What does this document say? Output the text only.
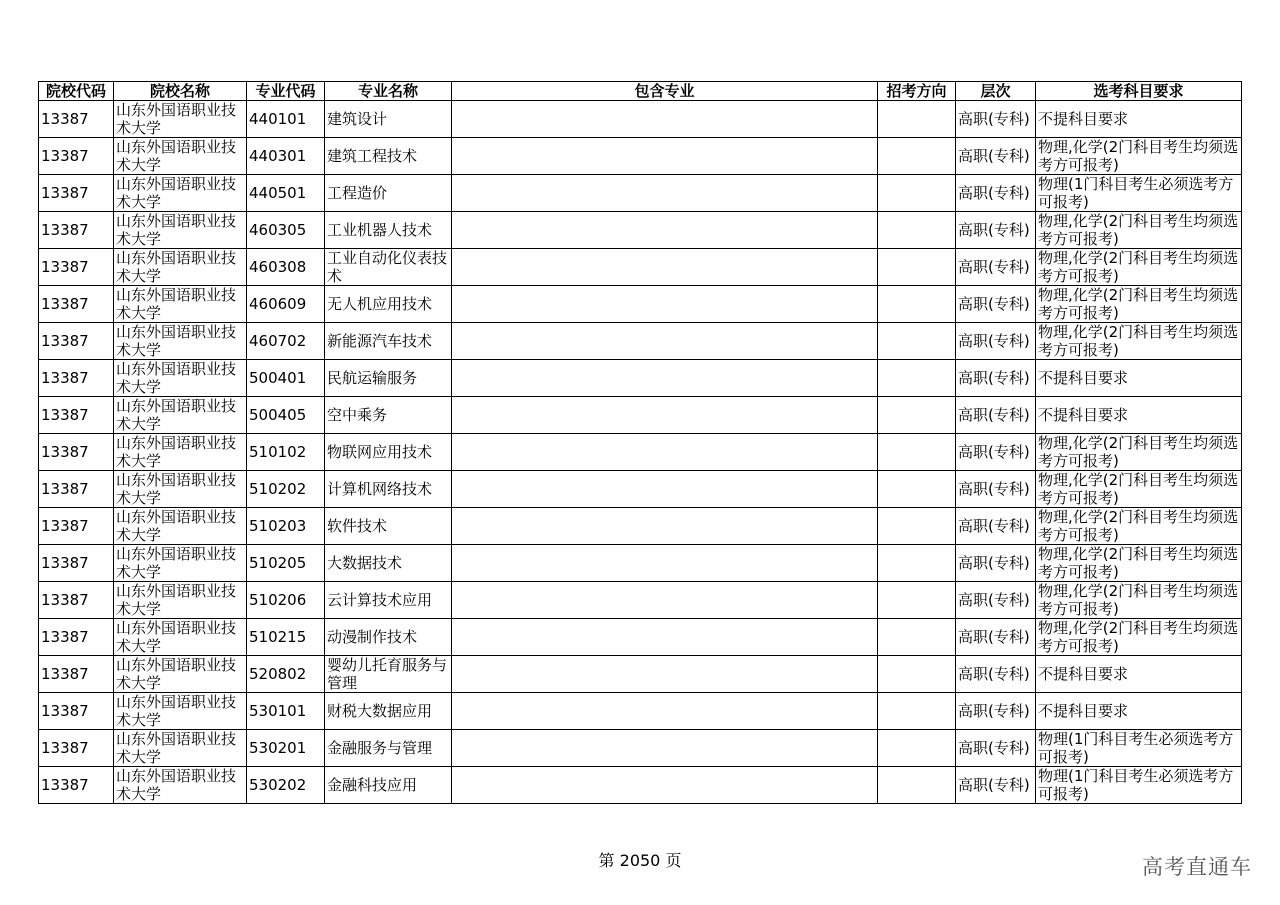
院校代码	院校名称	专业代码	专业名称	包含专业	招考方向	层次	选考科目要求
13387	山东外国语职业技术大学	440101	建筑设计			高职(专科)	不提科目要求
13387	山东外国语职业技术大学	440301	建筑工程技术			高职(专科)	物理,化学(2门科目考生均须选考方可报考)
13387	山东外国语职业技术大学	440501	工程造价			高职(专科)	物理(1门科目考生必须选考方可报考)
13387	山东外国语职业技术大学	460305	工业机器人技术			高职(专科)	物理,化学(2门科目考生均须选考方可报考)
13387	山东外国语职业技术大学	460308	工业自动化仪表技术			高职(专科)	物理,化学(2门科目考生均须选考方可报考)
13387	山东外国语职业技术大学	460609	无人机应用技术			高职(专科)	物理,化学(2门科目考生均须选考方可报考)
13387	山东外国语职业技术大学	460702	新能源汽车技术			高职(专科)	物理,化学(2门科目考生均须选考方可报考)
13387	山东外国语职业技术大学	500401	民航运输服务			高职(专科)	不提科目要求
13387	山东外国语职业技术大学	500405	空中乘务			高职(专科)	不提科目要求
13387	山东外国语职业技术大学	510102	物联网应用技术			高职(专科)	物理,化学(2门科目考生均须选考方可报考)
13387	山东外国语职业技术大学	510202	计算机网络技术			高职(专科)	物理,化学(2门科目考生均须选考方可报考)
13387	山东外国语职业技术大学	510203	软件技术			高职(专科)	物理,化学(2门科目考生均须选考方可报考)
13387	山东外国语职业技术大学	510205	大数据技术			高职(专科)	物理,化学(2门科目考生均须选考方可报考)
13387	山东外国语职业技术大学	510206	云计算技术应用			高职(专科)	物理,化学(2门科目考生均须选考方可报考)
13387	山东外国语职业技术大学	510215	动漫制作技术			高职(专科)	物理,化学(2门科目考生均须选考方可报考)
13387	山东外国语职业技术大学	520802	婴幼儿托育服务与管理			高职(专科)	不提科目要求
13387	山东外国语职业技术大学	530101	财税大数据应用			高职(专科)	不提科目要求
13387	山东外国语职业技术大学	530201	金融服务与管理			高职(专科)	物理(1门科目考生必须选考方可报考)
13387	山东外国语职业技术大学	530202	金融科技应用			高职(专科)	物理(1门科目考生必须选考方可报考)
第 2050 页	高考直通车
